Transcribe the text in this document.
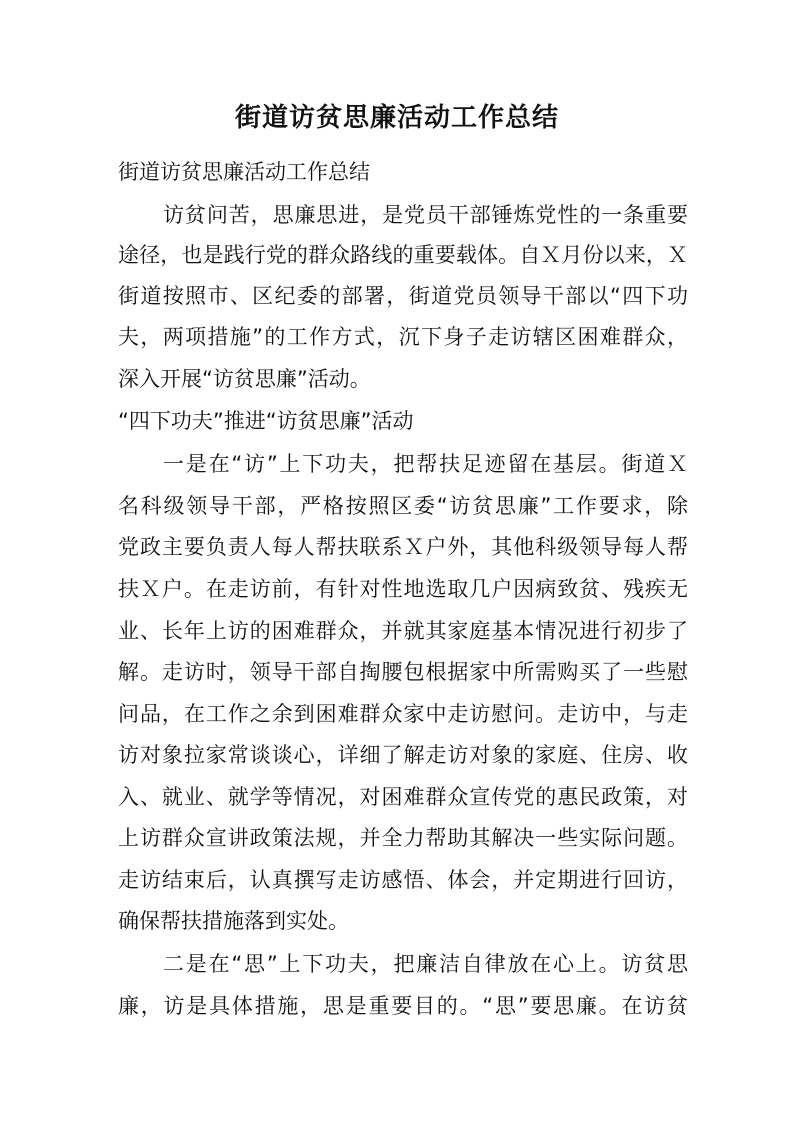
街道访贫思廉活动工作总结
街道访贫思廉活动工作总结
访贫问苦，思廉思进，是党员干部锤炼党性的一条重要
途径，也是践行党的群众路线的重要载体。自Ｘ月份以来，Ｘ
街道按照市、区纪委的部署，街道党员领导干部以“四下功
夫，两项措施”的工作方式，沉下身子走访辖区困难群众，
深入开展“访贫思廉”活动。
“四下功夫”推进“访贫思廉”活动
一是在“访”上下功夫，把帮扶足迹留在基层。街道Ｘ
名科级领导干部，严格按照区委“访贫思廉”工作要求，除
党政主要负责人每人帮扶联系Ｘ户外，其他科级领导每人帮
扶Ｘ户。在走访前，有针对性地选取几户因病致贫、残疾无
业、长年上访的困难群众，并就其家庭基本情况进行初步了
解。走访时，领导干部自掏腰包根据家中所需购买了一些慰
问品，在工作之余到困难群众家中走访慰问。走访中，与走
访对象拉家常谈谈心，详细了解走访对象的家庭、住房、收
入、就业、就学等情况，对困难群众宣传党的惠民政策，对
上访群众宣讲政策法规，并全力帮助其解决一些实际问题。
走访结束后，认真撰写走访感悟、体会，并定期进行回访，
确保帮扶措施落到实处。
二是在“思”上下功夫，把廉洁自律放在心上。访贫思
廉，访是具体措施，思是重要目的。“思”要思廉。在访贫
